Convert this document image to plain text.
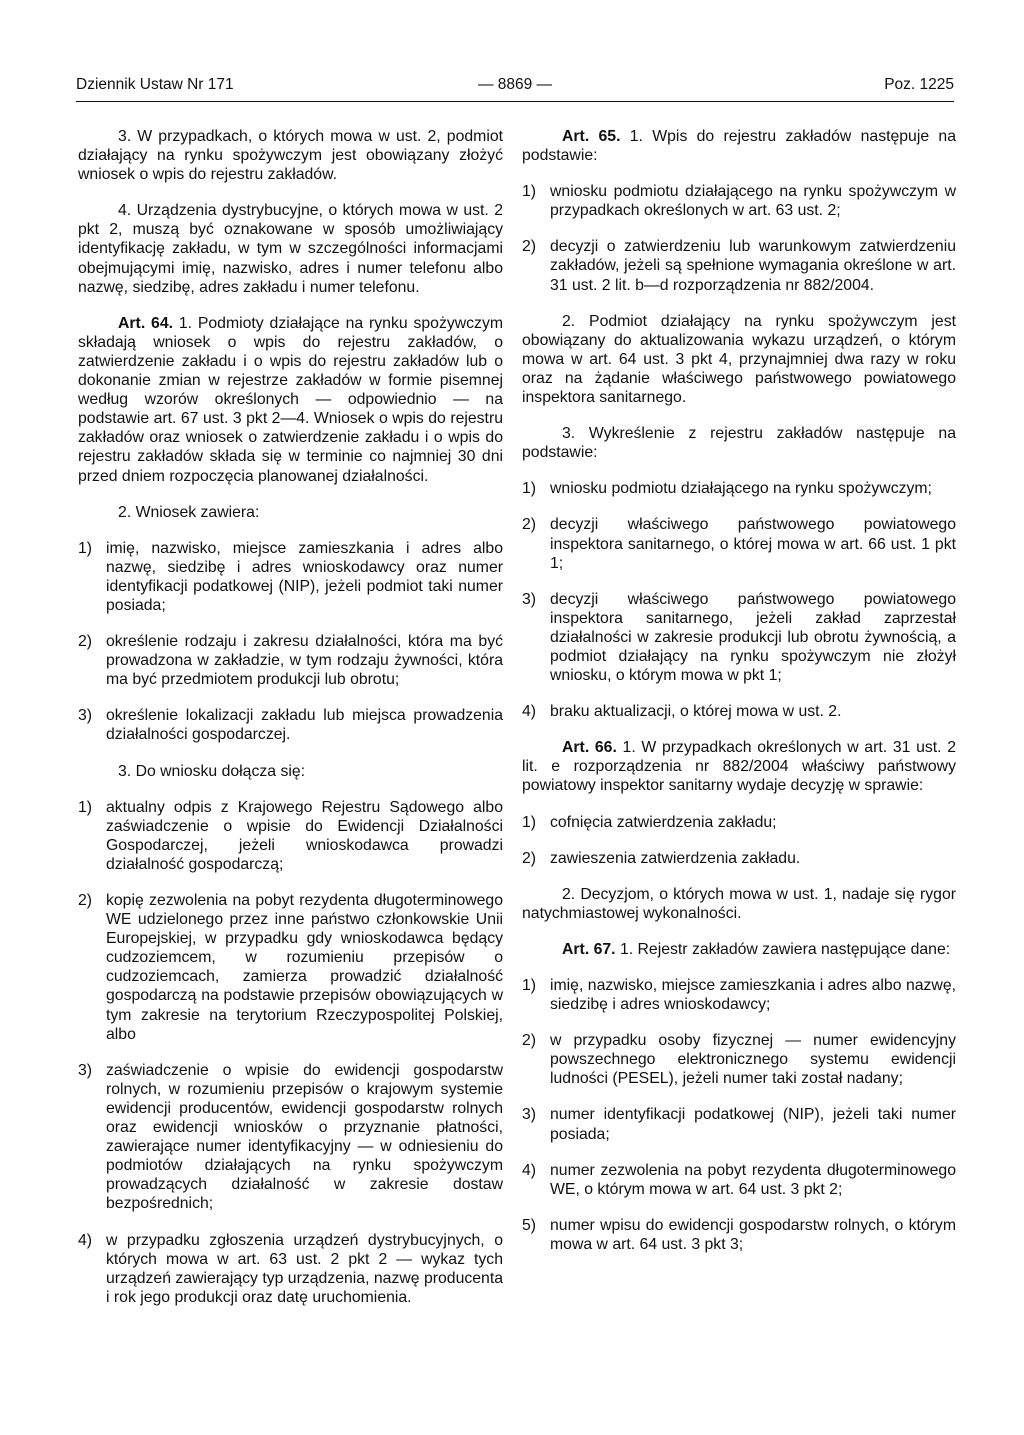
Dziennik Ustaw Nr 171	— 8869 —	Poz. 1225

3. W przypadkach, o których mowa w ust. 2, podmiot działający na rynku spożywczym jest obowiązany złożyć wniosek o wpis do rejestru zakładów.

4. Urządzenia dystrybucyjne, o których mowa w ust. 2 pkt 2, muszą być oznakowane w sposób umożliwiający identyfikację zakładu, w tym w szczególności informacjami obejmującymi imię, nazwisko, adres i numer telefonu albo nazwę, siedzibę, adres zakładu i numer telefonu.

Art. 64. 1. Podmioty działające na rynku spożywczym składają wniosek o wpis do rejestru zakładów, o zatwierdzenie zakładu i o wpis do rejestru zakładów lub o dokonanie zmian w rejestrze zakładów w formie pisemnej według wzorów określonych — odpowiednio — na podstawie art. 67 ust. 3 pkt 2—4. Wniosek o wpis do rejestru zakładów oraz wniosek o zatwierdzenie zakładu i o wpis do rejestru zakładów składa się w terminie co najmniej 30 dni przed dniem rozpoczęcia planowanej działalności.

2. Wniosek zawiera:

1) imię, nazwisko, miejsce zamieszkania i adres albo nazwę, siedzibę i adres wnioskodawcy oraz numer identyfikacji podatkowej (NIP), jeżeli podmiot taki numer posiada;
2) określenie rodzaju i zakresu działalności, która ma być prowadzona w zakładzie, w tym rodzaju żywności, która ma być przedmiotem produkcji lub obrotu;
3) określenie lokalizacji zakładu lub miejsca prowadzenia działalności gospodarczej.

3. Do wniosku dołącza się:

1) aktualny odpis z Krajowego Rejestru Sądowego albo zaświadczenie o wpisie do Ewidencji Działalności Gospodarczej, jeżeli wnioskodawca prowadzi działalność gospodarczą;
2) kopię zezwolenia na pobyt rezydenta długoterminowego WE udzielonego przez inne państwo członkowskie Unii Europejskiej, w przypadku gdy wnioskodawca będący cudzoziemcem, w rozumieniu przepisów o cudzoziemcach, zamierza prowadzić działalność gospodarczą na podstawie przepisów obowiązujących w tym zakresie na terytorium Rzeczypospolitej Polskiej, albo
3) zaświadczenie o wpisie do ewidencji gospodarstw rolnych, w rozumieniu przepisów o krajowym systemie ewidencji producentów, ewidencji gospodarstw rolnych oraz ewidencji wniosków o przyznanie płatności, zawierające numer identyfikacyjny — w odniesieniu do podmiotów działających na rynku spożywczym prowadzących działalność w zakresie dostaw bezpośrednich;
4) w przypadku zgłoszenia urządzeń dystrybucyjnych, o których mowa w art. 63 ust. 2 pkt 2 — wykaz tych urządzeń zawierający typ urządzenia, nazwę producenta i rok jego produkcji oraz datę uruchomienia.

Art. 65. 1. Wpis do rejestru zakładów następuje na podstawie:

1) wniosku podmiotu działającego na rynku spożywczym w przypadkach określonych w art. 63 ust. 2;
2) decyzji o zatwierdzeniu lub warunkowym zatwierdzeniu zakładów, jeżeli są spełnione wymagania określone w art. 31 ust. 2 lit. b—d rozporządzenia nr 882/2004.

2. Podmiot działający na rynku spożywczym jest obowiązany do aktualizowania wykazu urządzeń, o którym mowa w art. 64 ust. 3 pkt 4, przynajmniej dwa razy w roku oraz na żądanie właściwego państwowego powiatowego inspektora sanitarnego.

3. Wykreślenie z rejestru zakładów następuje na podstawie:

1) wniosku podmiotu działającego na rynku spożywczym;
2) decyzji właściwego państwowego powiatowego inspektora sanitarnego, o której mowa w art. 66 ust. 1 pkt 1;
3) decyzji właściwego państwowego powiatowego inspektora sanitarnego, jeżeli zakład zaprzestał działalności w zakresie produkcji lub obrotu żywnością, a podmiot działający na rynku spożywczym nie złożył wniosku, o którym mowa w pkt 1;
4) braku aktualizacji, o której mowa w ust. 2.

Art. 66. 1. W przypadkach określonych w art. 31 ust. 2 lit. e rozporządzenia nr 882/2004 właściwy państwowy powiatowy inspektor sanitarny wydaje decyzję w sprawie:

1) cofnięcia zatwierdzenia zakładu;
2) zawieszenia zatwierdzenia zakładu.

2. Decyzjom, o których mowa w ust. 1, nadaje się rygor natychmiastowej wykonalności.

Art. 67. 1. Rejestr zakładów zawiera następujące dane:

1) imię, nazwisko, miejsce zamieszkania i adres albo nazwę, siedzibę i adres wnioskodawcy;
2) w przypadku osoby fizycznej — numer ewidencyjny powszechnego elektronicznego systemu ewidencji ludności (PESEL), jeżeli numer taki został nadany;
3) numer identyfikacji podatkowej (NIP), jeżeli taki numer posiada;
4) numer zezwolenia na pobyt rezydenta długoterminowego WE, o którym mowa w art. 64 ust. 3 pkt 2;
5) numer wpisu do ewidencji gospodarstw rolnych, o którym mowa w art. 64 ust. 3 pkt 3;
